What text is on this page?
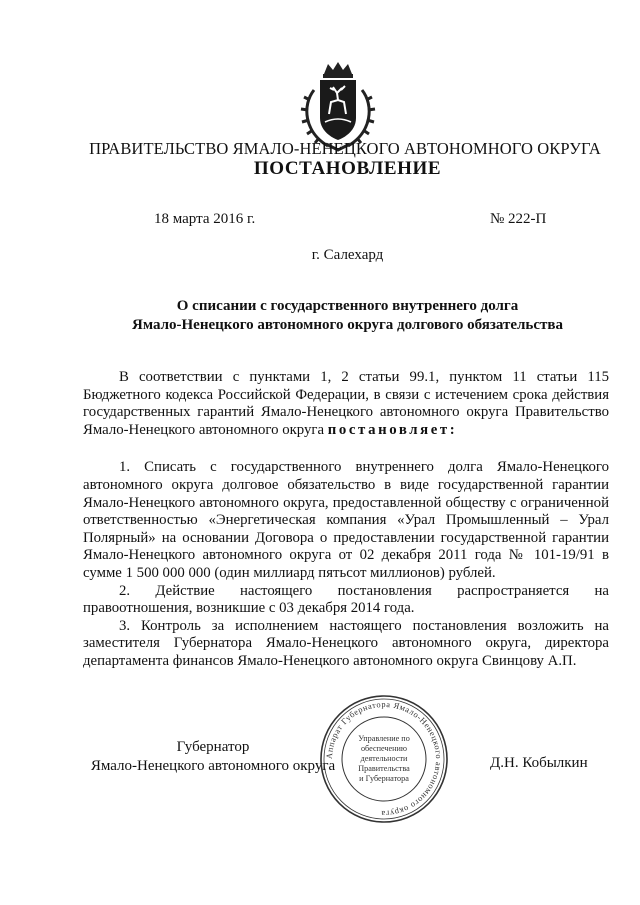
ПРАВИТЕЛЬСТВО ЯМАЛО-НЕНЕЦКОГО АВТОНОМНОГО ОКРУГА
ПОСТАНОВЛЕНИЕ
18 марта 2016 г.	№ 222-П
г. Салехард
О списании с государственного внутреннего долга
Ямало-Ненецкого автономного округа долгового обязательства

В соответствии с пунктами 1, 2 статьи 99.1, пунктом 11 статьи 115 Бюджетного кодекса Российской Федерации, в связи с истечением срока действия государственных гарантий Ямало-Ненецкого автономного округа Правительство Ямало-Ненецкого автономного округа постановляет:

1. Списать с государственного внутреннего долга Ямало-Ненецкого автономного округа долговое обязательство в виде государственной гарантии Ямало-Ненецкого автономного округа, предоставленной обществу с ограниченной ответственностью «Энергетическая компания «Урал Промышленный – Урал Полярный» на основании Договора о предоставлении государственной гарантии Ямало-Ненецкого автономного округа от 02 декабря 2011 года № 101-19/91 в сумме 1 500 000 000 (один миллиард пятьсот миллионов) рублей.

2. Действие настоящего постановления распространяется на правоотношения, возникшие с 03 декабря 2014 года.

3. Контроль за исполнением настоящего постановления возложить на заместителя Губернатора Ямало-Ненецкого автономного округа, директора департамента финансов Ямало-Ненецкого автономного округа Свинцову А.П.

Губернатор
Ямало-Ненецкого автономного округа
Аппарат Губернатора Ямало-Ненецкого автономного округа
Управление по
обеспечению
деятельности
Правительства
и Губернатора
Д.Н. Кобылкин
